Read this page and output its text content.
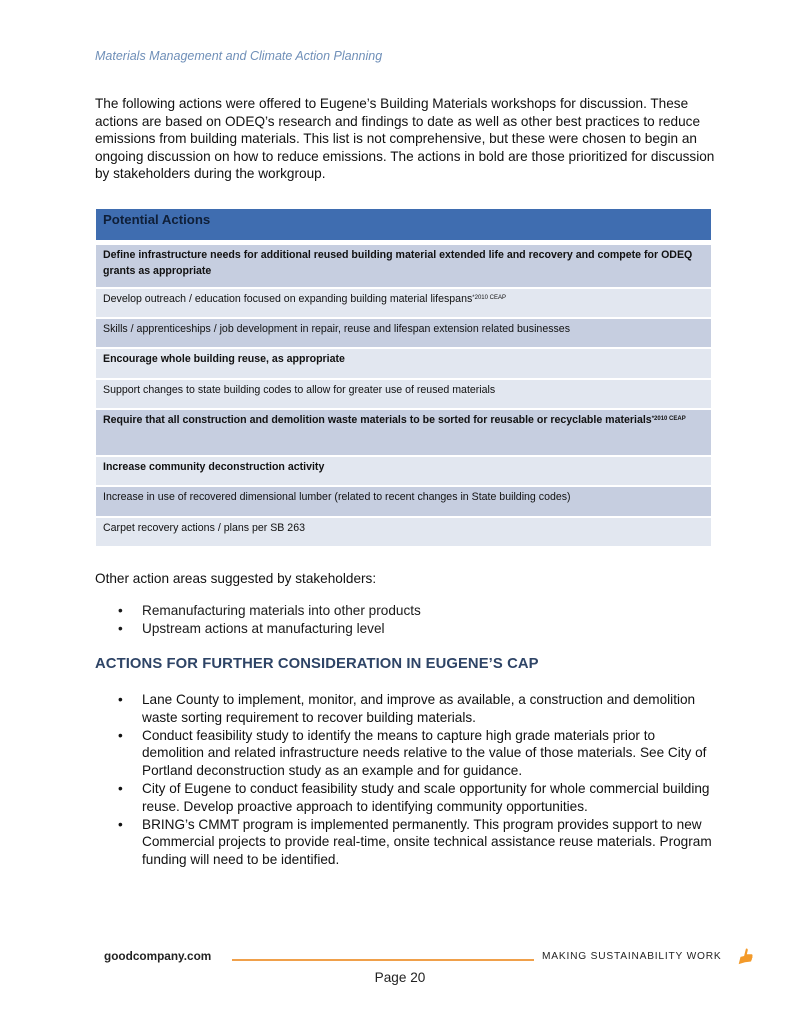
Materials Management and Climate Action Planning

The following actions were offered to Eugene’s Building Materials workshops for discussion. These actions are based on ODEQ’s research and findings to date as well as other best practices to reduce emissions from building materials. This list is not comprehensive, but these were chosen to begin an ongoing discussion on how to reduce emissions. The actions in bold are those prioritized for discussion by stakeholders during the workgroup.

Potential Actions
Define infrastructure needs for additional reused building material extended life and recovery and compete for ODEQ grants as appropriate
Develop outreach / education focused on expanding building material lifespans$^{*2010 CEAP}$
Skills / apprenticeships / job development in repair, reuse and lifespan extension related businesses
Encourage whole building reuse, as appropriate
Support changes to state building codes to allow for greater use of reused materials
Require that all construction and demolition waste materials to be sorted for reusable or recyclable materials$^{*2010 CEAP}$
Increase community deconstruction activity
Increase in use of recovered dimensional lumber (related to recent changes in State building codes)
Carpet recovery actions / plans per SB 263
Other action areas suggested by stakeholders:
• Remanufacturing materials into other products
• Upstream actions at manufacturing level
ACTIONS FOR FURTHER CONSIDERATION IN EUGENE’S CAP
• Lane County to implement, monitor, and improve as available, a construction and demolition waste sorting requirement to recover building materials.
• Conduct feasibility study to identify the means to capture high grade materials prior to demolition and related infrastructure needs relative to the value of those materials. See City of Portland deconstruction study as an example and for guidance.
• City of Eugene to conduct feasibility study and scale opportunity for whole commercial building reuse. Develop proactive approach to identifying community opportunities.
• BRING’s CMMT program is implemented permanently. This program provides support to new Commercial projects to provide real-time, onsite technical assistance reuse materials. Program funding will need to be identified.
goodcompany.com	MAKING SUSTAINABILITY WORK
Page 20
